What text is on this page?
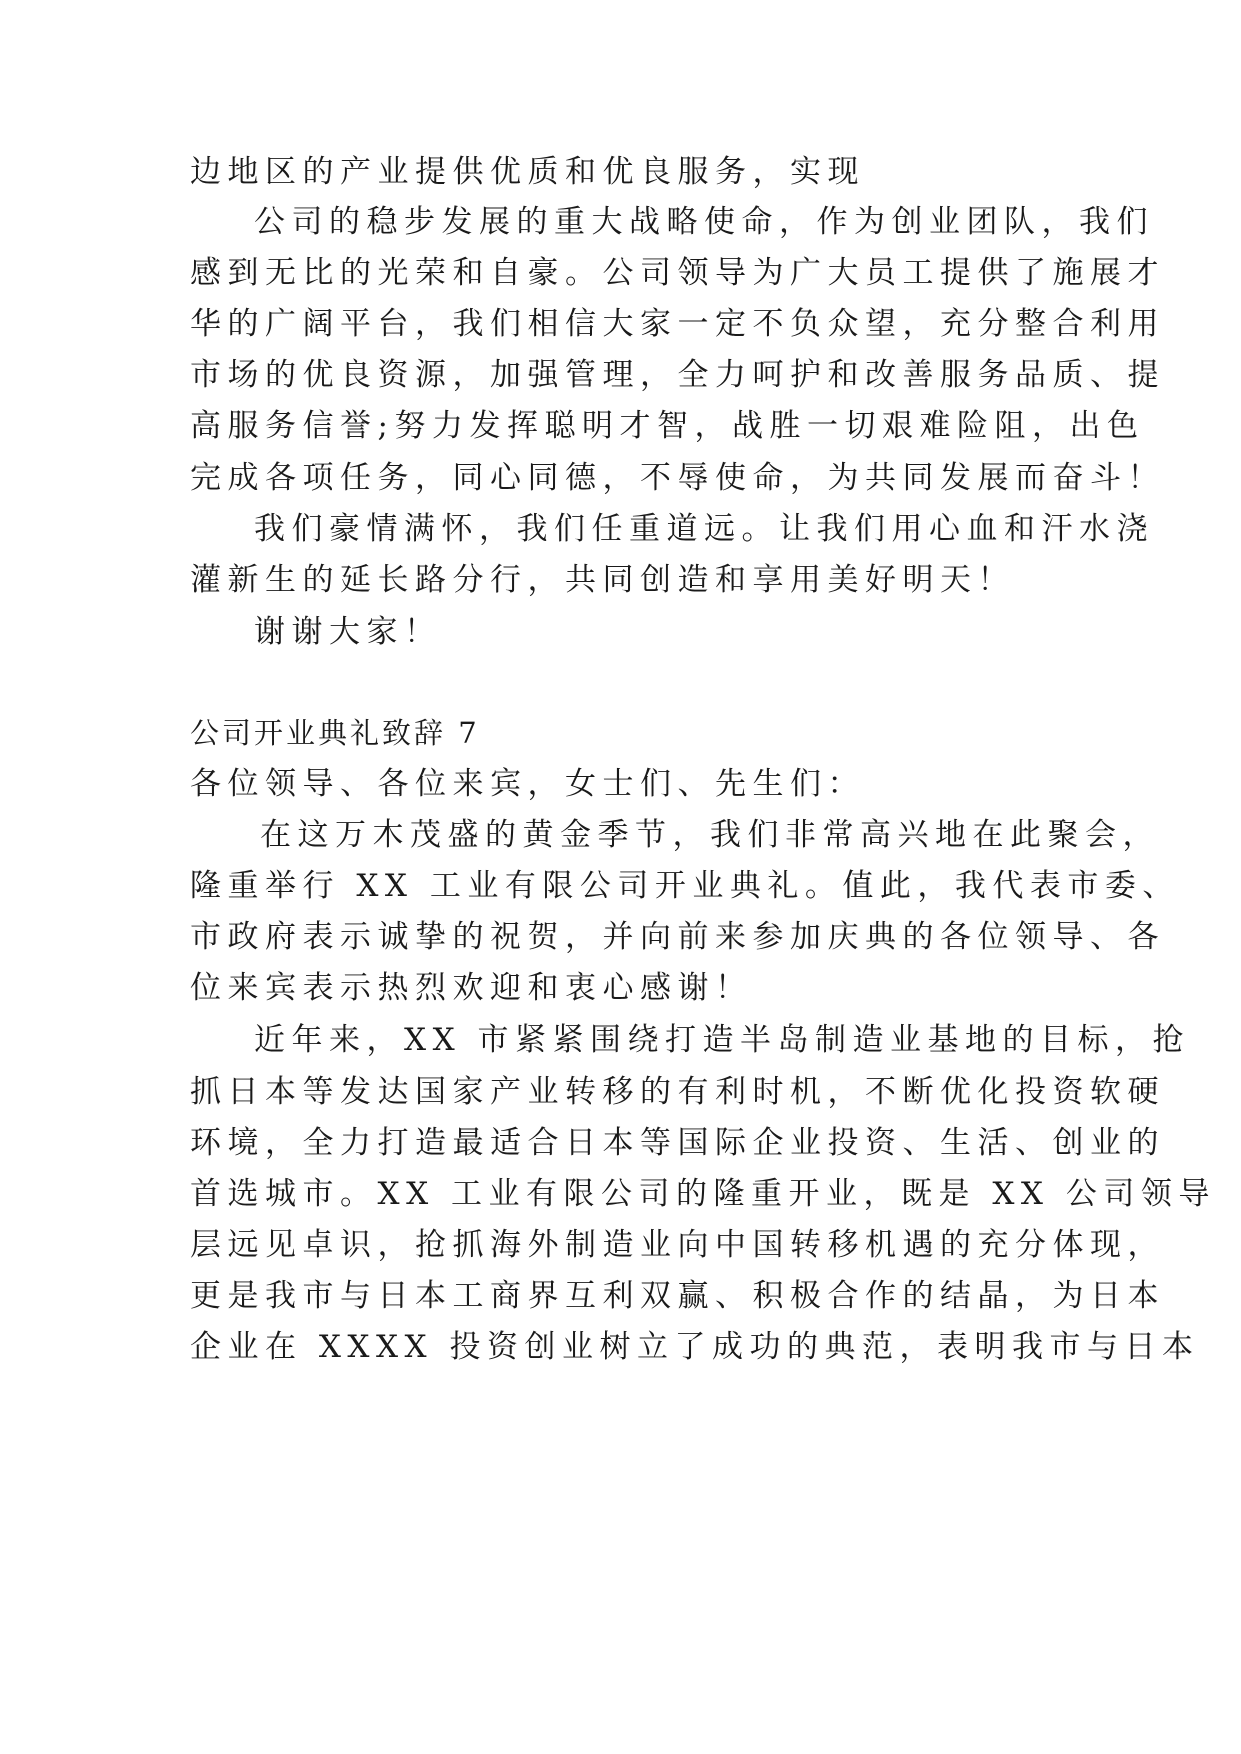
边地区的产业提供优质和优良服务，实现
公司的稳步发展的重大战略使命，作为创业团队，我们
感到无比的光荣和自豪。公司领导为广大员工提供了施展才
华的广阔平台，我们相信大家一定不负众望，充分整合利用
市场的优良资源，加强管理，全力呵护和改善服务品质、提
高服务信誉;努力发挥聪明才智，战胜一切艰难险阻，出色
完成各项任务，同心同德，不辱使命，为共同发展而奋斗！
我们豪情满怀，我们任重道远。让我们用心血和汗水浇
灌新生的延长路分行，共同创造和享用美好明天！
谢谢大家！
公司开业典礼致辞 7
各位领导、各位来宾，女士们、先生们：
在这万木茂盛的黄金季节，我们非常高兴地在此聚会，
隆重举行 XX 工业有限公司开业典礼。值此，我代表市委、
市政府表示诚挚的祝贺，并向前来参加庆典的各位领导、各
位来宾表示热烈欢迎和衷心感谢！
近年来，XX 市紧紧围绕打造半岛制造业基地的目标，抢
抓日本等发达国家产业转移的有利时机，不断优化投资软硬
环境，全力打造最适合日本等国际企业投资、生活、创业的
首选城市。XX 工业有限公司的隆重开业，既是 XX 公司领导
层远见卓识，抢抓海外制造业向中国转移机遇的充分体现，
更是我市与日本工商界互利双赢、积极合作的结晶，为日本
企业在 XXXX 投资创业树立了成功的典范，表明我市与日本
